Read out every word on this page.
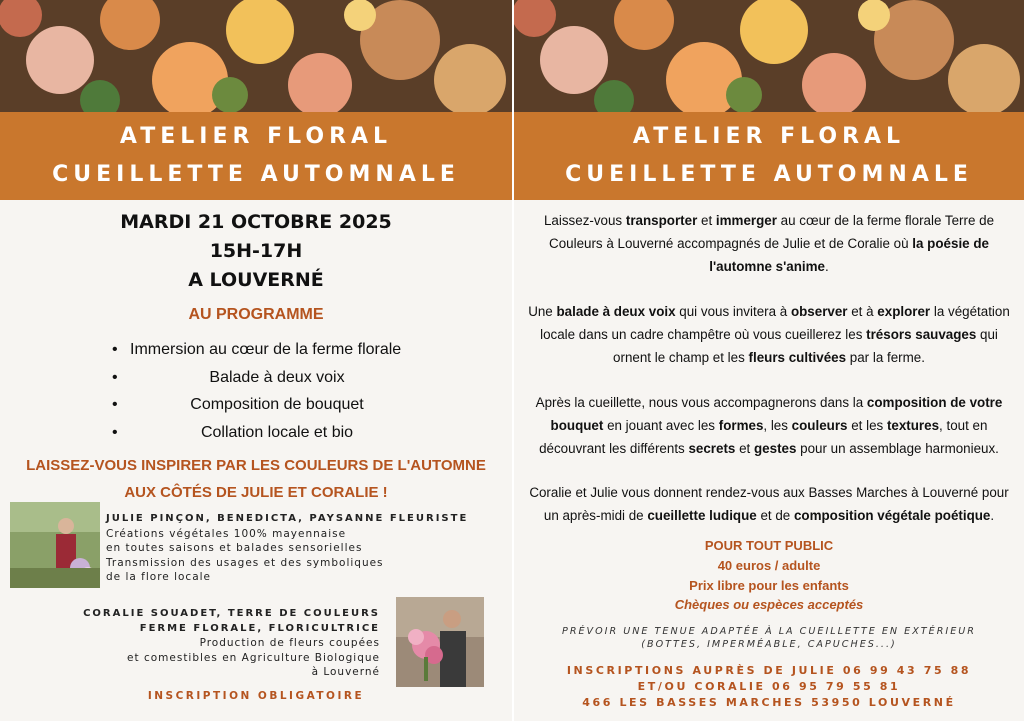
ATELIER FLORAL
CUEILLETTE AUTOMNALE
MARDI 21 OCTOBRE 2025
15H-17H
A LOUVERNÉ
AU PROGRAMME
• Immersion au cœur de la ferme florale
•	Balade à deux voix
•	Composition de bouquet
•	Collation locale et bio
LAISSEZ-VOUS INSPIRER PAR LES COULEURS DE L'AUTOMNE
AUX CÔTÉS DE JULIE ET CORALIE !
JULIE PINÇON, BENEDICTA, PAYSANNE FLEURISTE
Créations végétales 100% mayennaise
en toutes saisons et balades sensorielles
Transmission des usages et des symboliques
de la flore locale
CORALIE SOUADET, TERRE DE COULEURS
FERME FLORALE, FLORICULTRICE
Production de fleurs coupées
et comestibles en Agriculture Biologique
à Louverné
INSCRIPTION OBLIGATOIRE
ATELIER FLORAL
CUEILLETTE AUTOMNALE
Laissez-vous transporter et immerger au cœur de la ferme florale Terre de Couleurs à Louverné accompagnés de Julie et de Coralie où la poésie de l'automne s'anime.
Une balade à deux voix qui vous invitera à observer et à explorer la végétation locale dans un cadre champêtre où vous cueillerez les trésors sauvages qui ornent le champ et les fleurs cultivées par la ferme.
Après la cueillette, nous vous accompagnerons dans la composition de votre bouquet en jouant avec les formes, les couleurs et les textures, tout en découvrant les différents secrets et gestes pour un assemblage harmonieux.
Coralie et Julie vous donnent rendez-vous aux Basses Marches à Louverné pour un après-midi de cueillette ludique et de composition végétale poétique.
POUR TOUT PUBLIC
40 euros / adulte
Prix libre pour les enfants
Chèques ou espèces acceptés
PRÉVOIR UNE TENUE ADAPTÉE À LA CUEILLETTE EN EXTÉRIEUR
(BOTTES, IMPERMÉABLE, CAPUCHES...)
INSCRIPTIONS AUPRÈS DE JULIE 06 99 43 75 88
ET/OU CORALIE 06 95 79 55 81
466 LES BASSES MARCHES 53950 LOUVERNÉ
